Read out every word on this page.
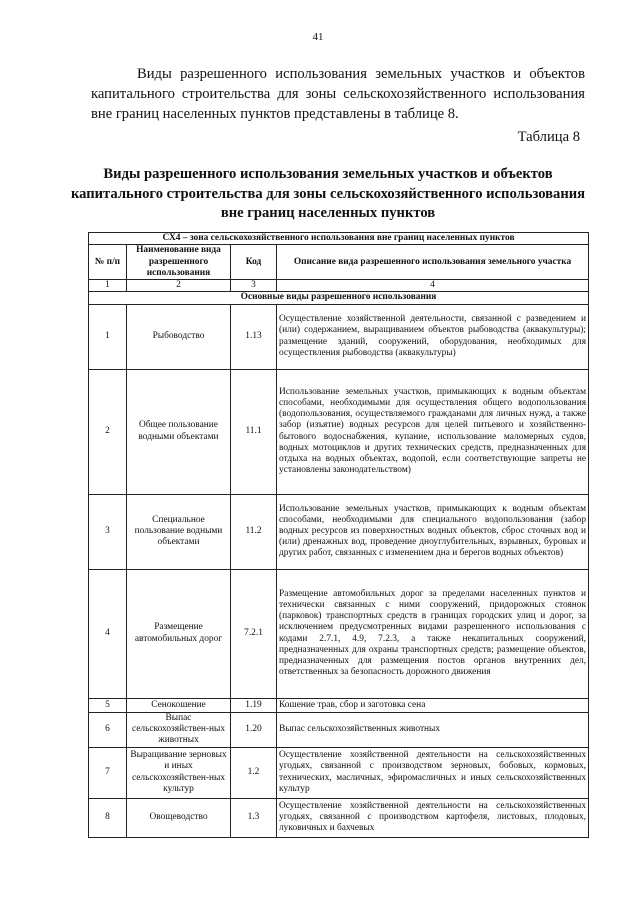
41

Виды разрешенного использования земельных участков и объектов капитального строительства для зоны сельскохозяйственного использования вне границ населенных пунктов представлены в таблице 8.

Таблица 8
Виды разрешенного использования земельных участков и объектов капитального строительства для зоны сельскохозяйственного использования вне границ населенных пунктов
СХ4 – зона сельскохозяйственного использования вне границ населенных пунктов			
№ п/п	Наименование вида разрешенного использования	Код	Описание вида разрешенного использования земельного участка
1	2	3	4
Основные виды разрешенного использования			
1	Рыбоводство	1.13	Осуществление хозяйственной деятельности, связанной с разведением и (или) содержанием, выращиванием объектов рыбоводства (аквакультуры); размещение зданий, сооружений, оборудования, необходимых для осуществления рыбоводства (аквакультуры)
2	Общее пользование водными объектами	11.1	Использование земельных участков, примыкающих к водным объектам способами, необходимыми для осуществления общего водопользования (водопользования, осуществляемого гражданами для личных нужд, а также забор (изъятие) водных ресурсов для целей питьевого и хозяйственно-бытового водоснабжения, купание, использование маломерных судов, водных мотоциклов и других технических средств, предназначенных для отдыха на водных объектах, водопой, если соответствующие запреты не установлены законодательством)
3	Специальное пользование водными объектами	11.2	Использование земельных участков, примыкающих к водным объектам способами, необходимыми для специального водопользования (забор водных ресурсов из поверхностных водных объектов, сброс сточных вод и (или) дренажных вод, проведение дноуглубительных, взрывных, буровых и других работ, связанных с изменением дна и берегов водных объектов)
4	Размещение автомобильных дорог	7.2.1	Размещение автомобильных дорог за пределами населенных пунктов и технически связанных с ними сооружений, придорожных стоянок (парковок) транспортных средств в границах городских улиц и дорог, за исключением предусмотренных видами разрешенного использования с кодами 2.7.1, 4.9, 7.2.3, а также некапитальных сооружений, предназначенных для охраны транспортных средств; размещение объектов, предназначенных для размещения постов органов внутренних дел, ответственных за безопасность дорожного движения
5	Сенокошение	1.19	Кошение трав, сбор и заготовка сена
6	Выпас сельскохозяйствен-ных животных	1.20	Выпас сельскохозяйственных животных
7	Выращивание зерновых и иных сельскохозяйствен-ных культур	1.2	Осуществление хозяйственной деятельности на сельскохозяйственных угодьях, связанной с производством зерновых, бобовых, кормовых, технических, масличных, эфиромасличных и иных сельскохозяйственных культур
8	Овощеводство	1.3	Осуществление хозяйственной деятельности на сельскохозяйственных угодьях, связанной с производством картофеля, листовых, плодовых, луковичных и бахчевых
